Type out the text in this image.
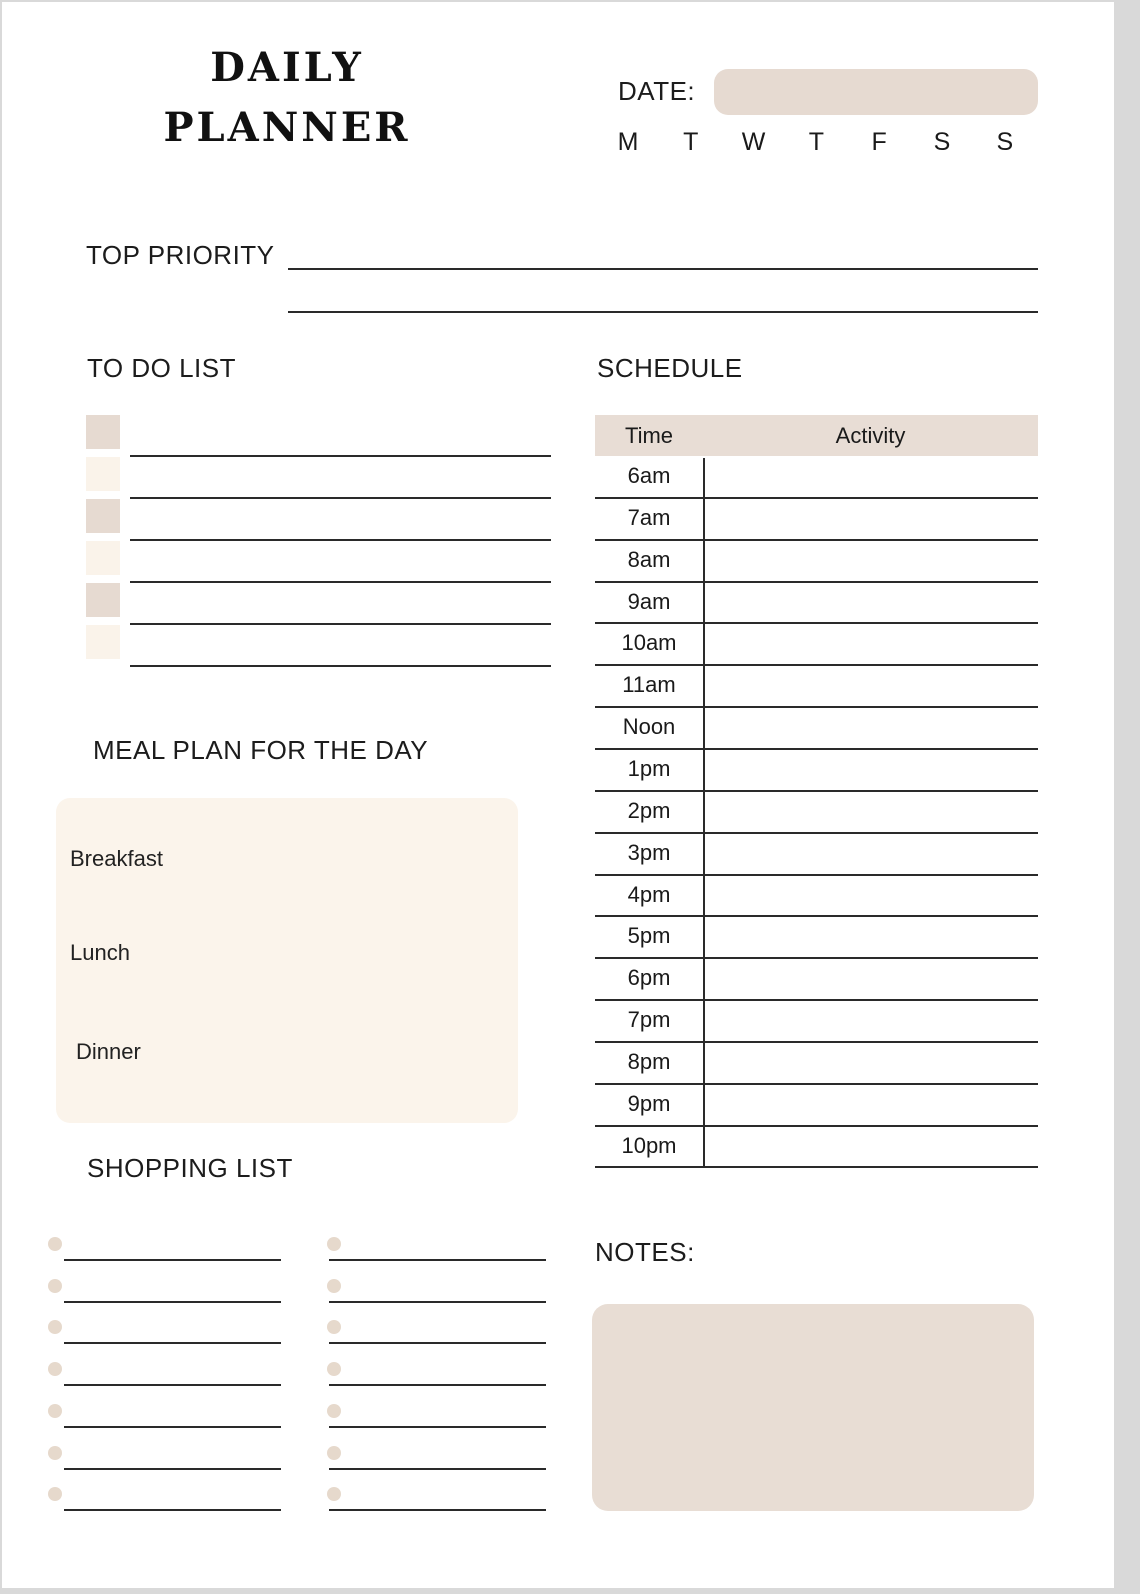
DAILY
PLANNER
DATE:
M T W T F S S
TOP PRIORITY
TO DO LIST
MEAL PLAN FOR THE DAY
Breakfast
Lunch
Dinner
SHOPPING LIST
SCHEDULE
Time	Activity
6am
7am
8am
9am
10am
11am
Noon
1pm
2pm
3pm
4pm
5pm
6pm
7pm
8pm
9pm
10pm
NOTES:
